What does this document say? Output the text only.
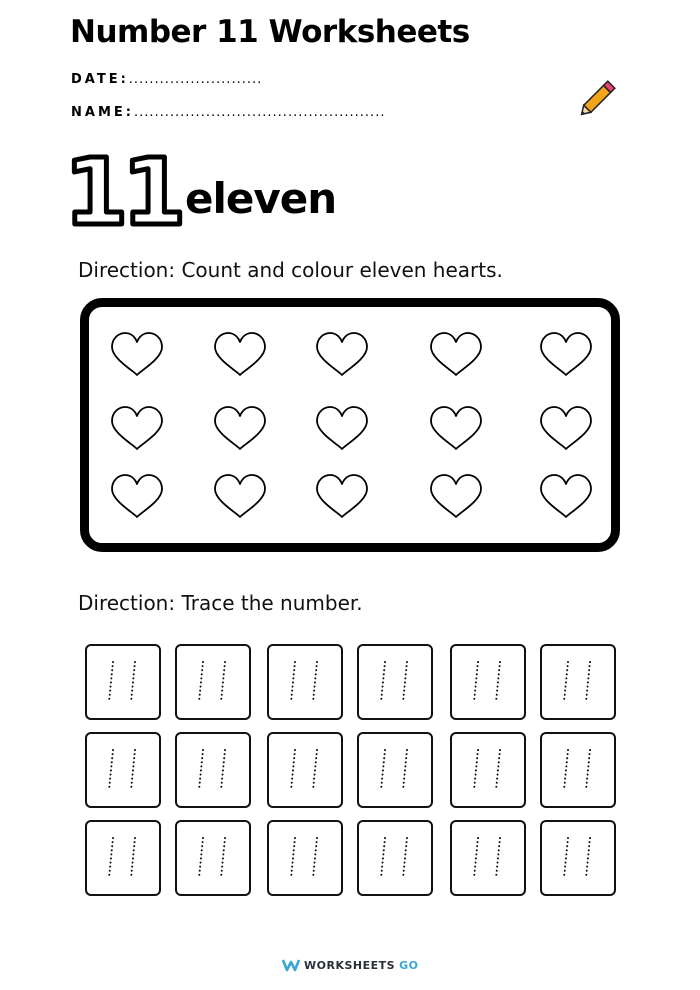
Number 11 Worksheets
DATE:..........................
NAME:.................................................
11 eleven
Direction: Count and colour eleven hearts.
Direction: Trace the number.
WORKSHEETS GO
